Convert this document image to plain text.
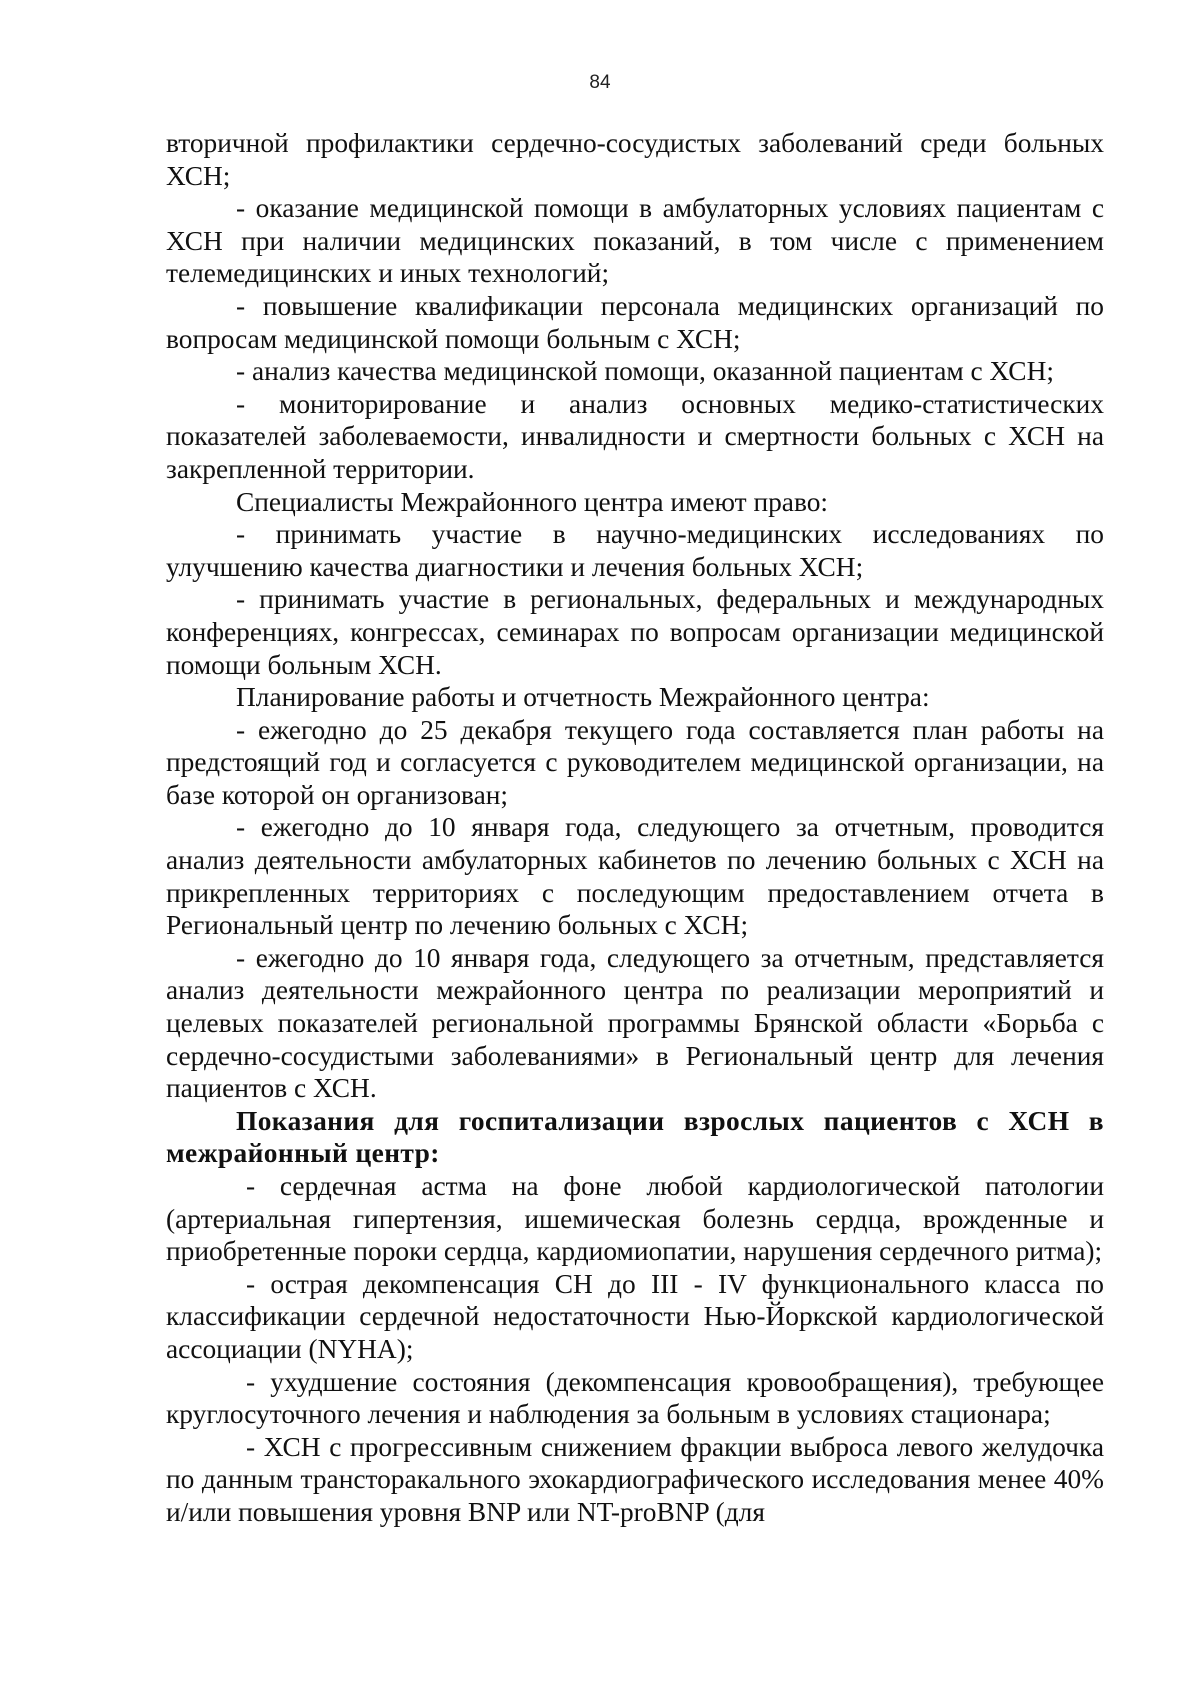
84

вторичной профилактики сердечно-сосудистых заболеваний среди больных ХСН;

- оказание медицинской помощи в амбулаторных условиях пациентам с ХСН при наличии медицинских показаний, в том числе с применением телемедицинских и иных технологий;

- повышение квалификации персонала медицинских организаций по вопросам медицинской помощи больным с ХСН;

- анализ качества медицинской помощи, оказанной пациентам с ХСН;

- мониторирование и анализ основных медико-статистических показателей заболеваемости, инвалидности и смертности больных с ХСН на закрепленной территории.

Специалисты Межрайонного центра имеют право:

- принимать участие в научно-медицинских исследованиях по улучшению качества диагностики и лечения больных ХСН;

- принимать участие в региональных, федеральных и международных конференциях, конгрессах, семинарах по вопросам организации медицинской помощи больным ХСН.

Планирование работы и отчетность Межрайонного центра:

- ежегодно до 25 декабря текущего года составляется план работы на предстоящий год и согласуется с руководителем медицинской организации, на базе которой он организован;

- ежегодно до 10 января года, следующего за отчетным, проводится анализ деятельности амбулаторных кабинетов по лечению больных с ХСН на прикрепленных территориях с последующим предоставлением отчета в Региональный центр по лечению больных с ХСН;

- ежегодно до 10 января года, следующего за отчетным, представляется анализ деятельности межрайонного центра по реализации мероприятий и целевых показателей региональной программы Брянской области «Борьба с сердечно-сосудистыми заболеваниями» в Региональный центр для лечения пациентов с ХСН.

Показания для госпитализации взрослых пациентов с ХСН в межрайонный центр:

- сердечная астма на фоне любой кардиологической патологии (артериальная гипертензия, ишемическая болезнь сердца, врожденные и приобретенные пороки сердца, кардиомиопатии, нарушения сердечного ритма);

- острая декомпенсация СН до III - IV функционального класса по классификации сердечной недостаточности Нью-Йоркской кардиологической ассоциации (NYHA);

- ухудшение состояния (декомпенсация кровообращения), требующее круглосуточного лечения и наблюдения за больным в условиях стационара;

- ХСН с прогрессивным снижением фракции выброса левого желудочка по данным трансторакального эхокардиографического исследования менее 40% и/или повышения уровня BNP или NT-proBNP (для
